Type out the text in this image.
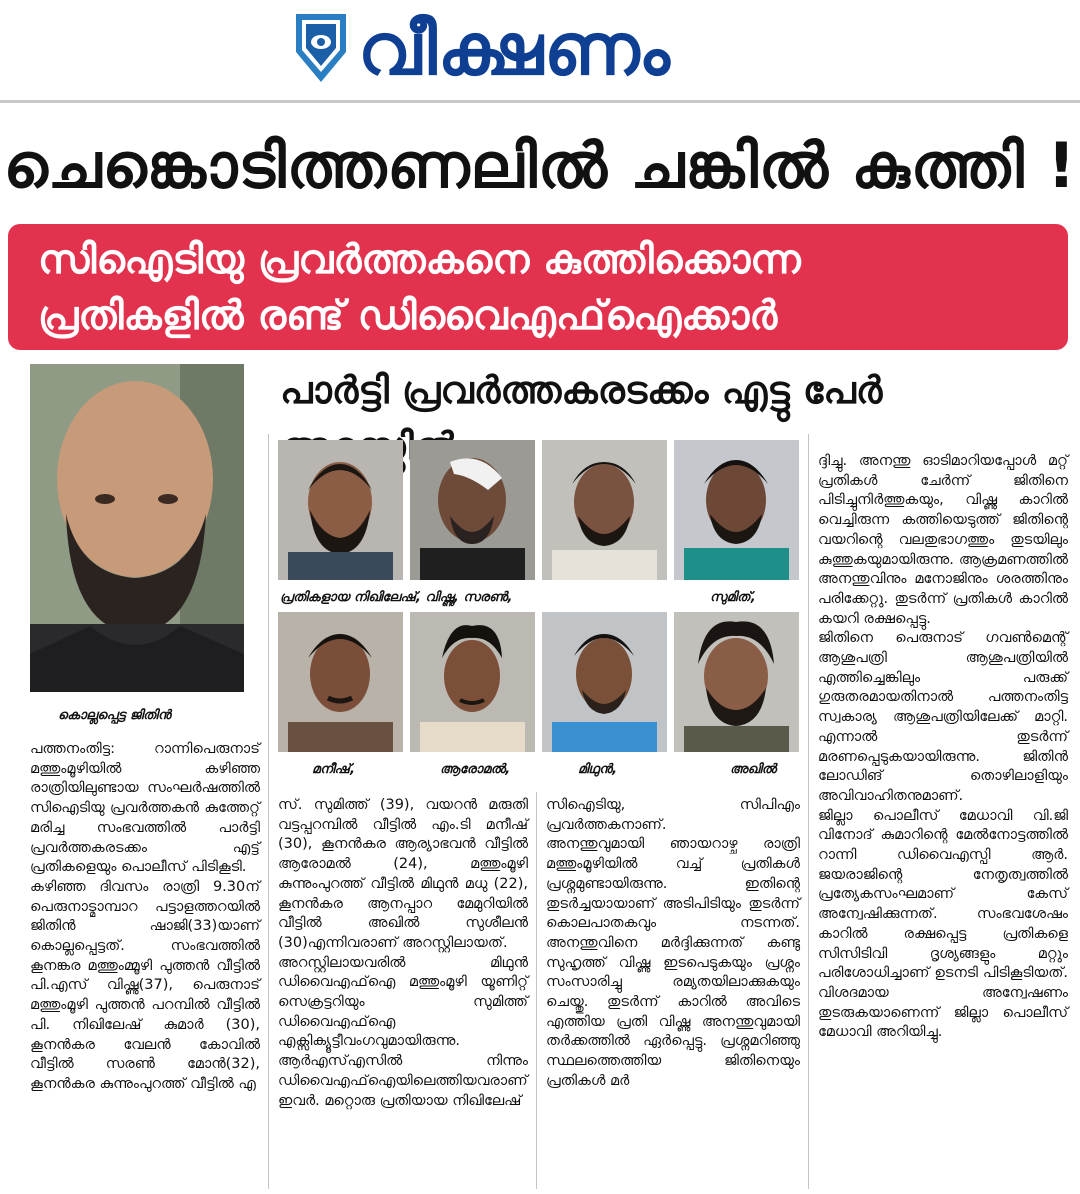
വീക്ഷണം
ചെങ്കൊടിത്തണലിൽ ചങ്കിൽ കുത്തി !
സിഐടിയു പ്രവർത്തകനെ കുത്തിക്കൊന്ന
പ്രതികളിൽ രണ്ട് ഡിവൈഎഫ്ഐക്കാർ
കൊല്ലപ്പെട്ട ജിതിൻ
പാർട്ടി പ്രവർത്തകരടക്കം എട്ടു പേർ
പ്രതികളായ നിഖിലേഷ്, വിഷ്ണു, സരൺ,	സുമിത്,
മനീഷ്,	ആരോമൽ,	മിഥുൻ,	അഖിൽ

പത്തനംതിട്ട: റാന്നിപെരുനാട് മത്തുംമൂഴിയിൽ കഴിഞ്ഞ രാത്രിയിലുണ്ടായ സംഘർഷത്തിൽ സിഐടിയു പ്രവർത്തകൻ കുത്തേറ്റ് മരിച്ച സംഭവത്തിൽ പാർട്ടി പ്രവർത്തകരടക്കം എട്ട് പ്രതികളെയും പൊലീസ് പിടികൂടി.

കഴിഞ്ഞ ദിവസം രാത്രി 9.30ന് പെരുനാട്മാമ്പാറ പട്ടാളത്തറയിൽ ജിതിൻ ഷാജി(33)യാണ് കൊല്ലപ്പെട്ടത്. സംഭവത്തിൽ കൂനങ്കര മത്തുംമ്മൂഴി പുത്തൻ വീട്ടിൽ പി.എസ് വിഷ്ണു(37), പെരുനാട് മത്തുംമൂഴി പുത്തൻ പറമ്പിൽ വീട്ടിൽ പി. നിഖിലേഷ് കുമാർ (30), കൂനൻകര വേലൻ കോവിൽ വീട്ടിൽ സരൺ മോൻ(32), കൂനൻകര കുന്നുംപുറത്ത് വീട്ടിൽ എ

സ്. സുമിത്ത് (39), വയറൻ മരുതി വട്ടപ്പറമ്പിൽ വീട്ടിൽ എം.ടി മനീഷ് (30), കൂനൻകര ആര്യാഭവൻ വീട്ടിൽ ആരോമൽ (24), മത്തുംമൂഴി കുന്നുംപുറത്ത് വീട്ടിൽ മിഥുൻ മധു (22), കൂനൻകര ആനപ്പാറ മേമുറിയിൽ വീട്ടിൽ അഖിൽ സുശീലൻ (30)എന്നിവരാണ് അറസ്റ്റിലായത്.

അറസ്റ്റിലായവരിൽ മിഥുൻ ഡിവൈഎഫ്ഐ മത്തുംമൂഴി യൂണിറ്റ് സെക്രട്ടറിയും സുമിത്ത് ഡിവൈഎഫ്ഐ എക്സിക്യൂട്ടീവംഗവുമായിരുന്നു. ആർഎസ്എസിൽ നിന്നും ഡിവൈഎഫ്ഐയിലെത്തിയവരാണ് ഇവർ. മറ്റൊരു പ്രതിയായ നിഖിലേഷ്

സിഐടിയു, സിപിഎം പ്രവർത്തകനാണ്.

അനന്തുവുമായി ഞായറാഴ്ച രാത്രി മത്തുംമൂഴിയിൽ വച്ച് പ്രതികൾ പ്രശ്നമുണ്ടായിരുന്നു. ഇതിന്റെ തുടർച്ചയായാണ് അടിപിടിയും തുടർന്ന് കൊലപാതകവും നടന്നത്. അനന്തുവിനെ മർദ്ദിക്കുന്നത് കണ്ടു സുഹൃത്ത് വിഷ്ണു ഇടപെടുകയും പ്രശ്നം സംസാരിച്ചു രമ്യതയിലാക്കുകയും ചെയ്തു. തുടർന്ന് കാറിൽ അവിടെ എത്തിയ പ്രതി വിഷ്ണു അനന്തുവുമായി തർക്കത്തിൽ ഏർപ്പെട്ടു. പ്രശ്നമറിഞ്ഞു സ്ഥലത്തെത്തിയ ജിതിനെയും പ്രതികൾ മർ

ദ്ദിച്ചു. അനന്തു ഓടിമാറിയപ്പോൾ മറ്റ് പ്രതികൾ ചേർന്ന് ജിതിനെ പിടിച്ചുനിർത്തുകയും, വിഷ്ണു കാറിൽ വെച്ചിരുന്ന കത്തിയെടുത്ത് ജിതിന്റെ വയറിന്റെ വലതുഭാഗത്തും തുടയിലും കുത്തുകയുമായിരുന്നു. ആക്രമണത്തിൽ അനന്തുവിനും മനോജിനും ശരത്തിനും പരിക്കേറ്റു. തുടർന്ന് പ്രതികൾ കാറിൽ കയറി രക്ഷപ്പെട്ടു.

ജിതിനെ പെരുനാട് ഗവൺമെന്റ് ആശുപത്രി ആശുപത്രിയിൽ എത്തിച്ചെങ്കിലും പരുക്ക് ഗുരുതരമായതിനാൽ പത്തനംതിട്ട സ്വകാര്യ ആശുപത്രിയിലേക്ക് മാറ്റി. എന്നാൽ തുടർന്ന് മരണപ്പെടുകയായിരുന്നു. ജിതിൻ ലോഡിങ് തൊഴിലാളിയും അവിവാഹിതനുമാണ്.

ജില്ലാ പൊലീസ് മേധാവി വി.ജി വിനോദ് കുമാറിന്റെ മേൽനോട്ടത്തിൽ റാന്നി ഡിവൈഎസ്പി ആർ. ജയരാജിന്റെ നേതൃത്വത്തിൽ പ്രത്യേകസംഘമാണ് കേസ് അന്വേഷിക്കുന്നത്. സംഭവശേഷം കാറിൽ രക്ഷപ്പെട്ട പ്രതികളെ സിസിടിവി ദൃശ്യങ്ങളും മറ്റും പരിശോധിച്ചാണ് ഉടനടി പിടികൂടിയത്. വിശദമായ അന്വേഷണം തുടരുകയാണെന്ന് ജില്ലാ പൊലീസ് മേധാവി അറിയിച്ചു.
